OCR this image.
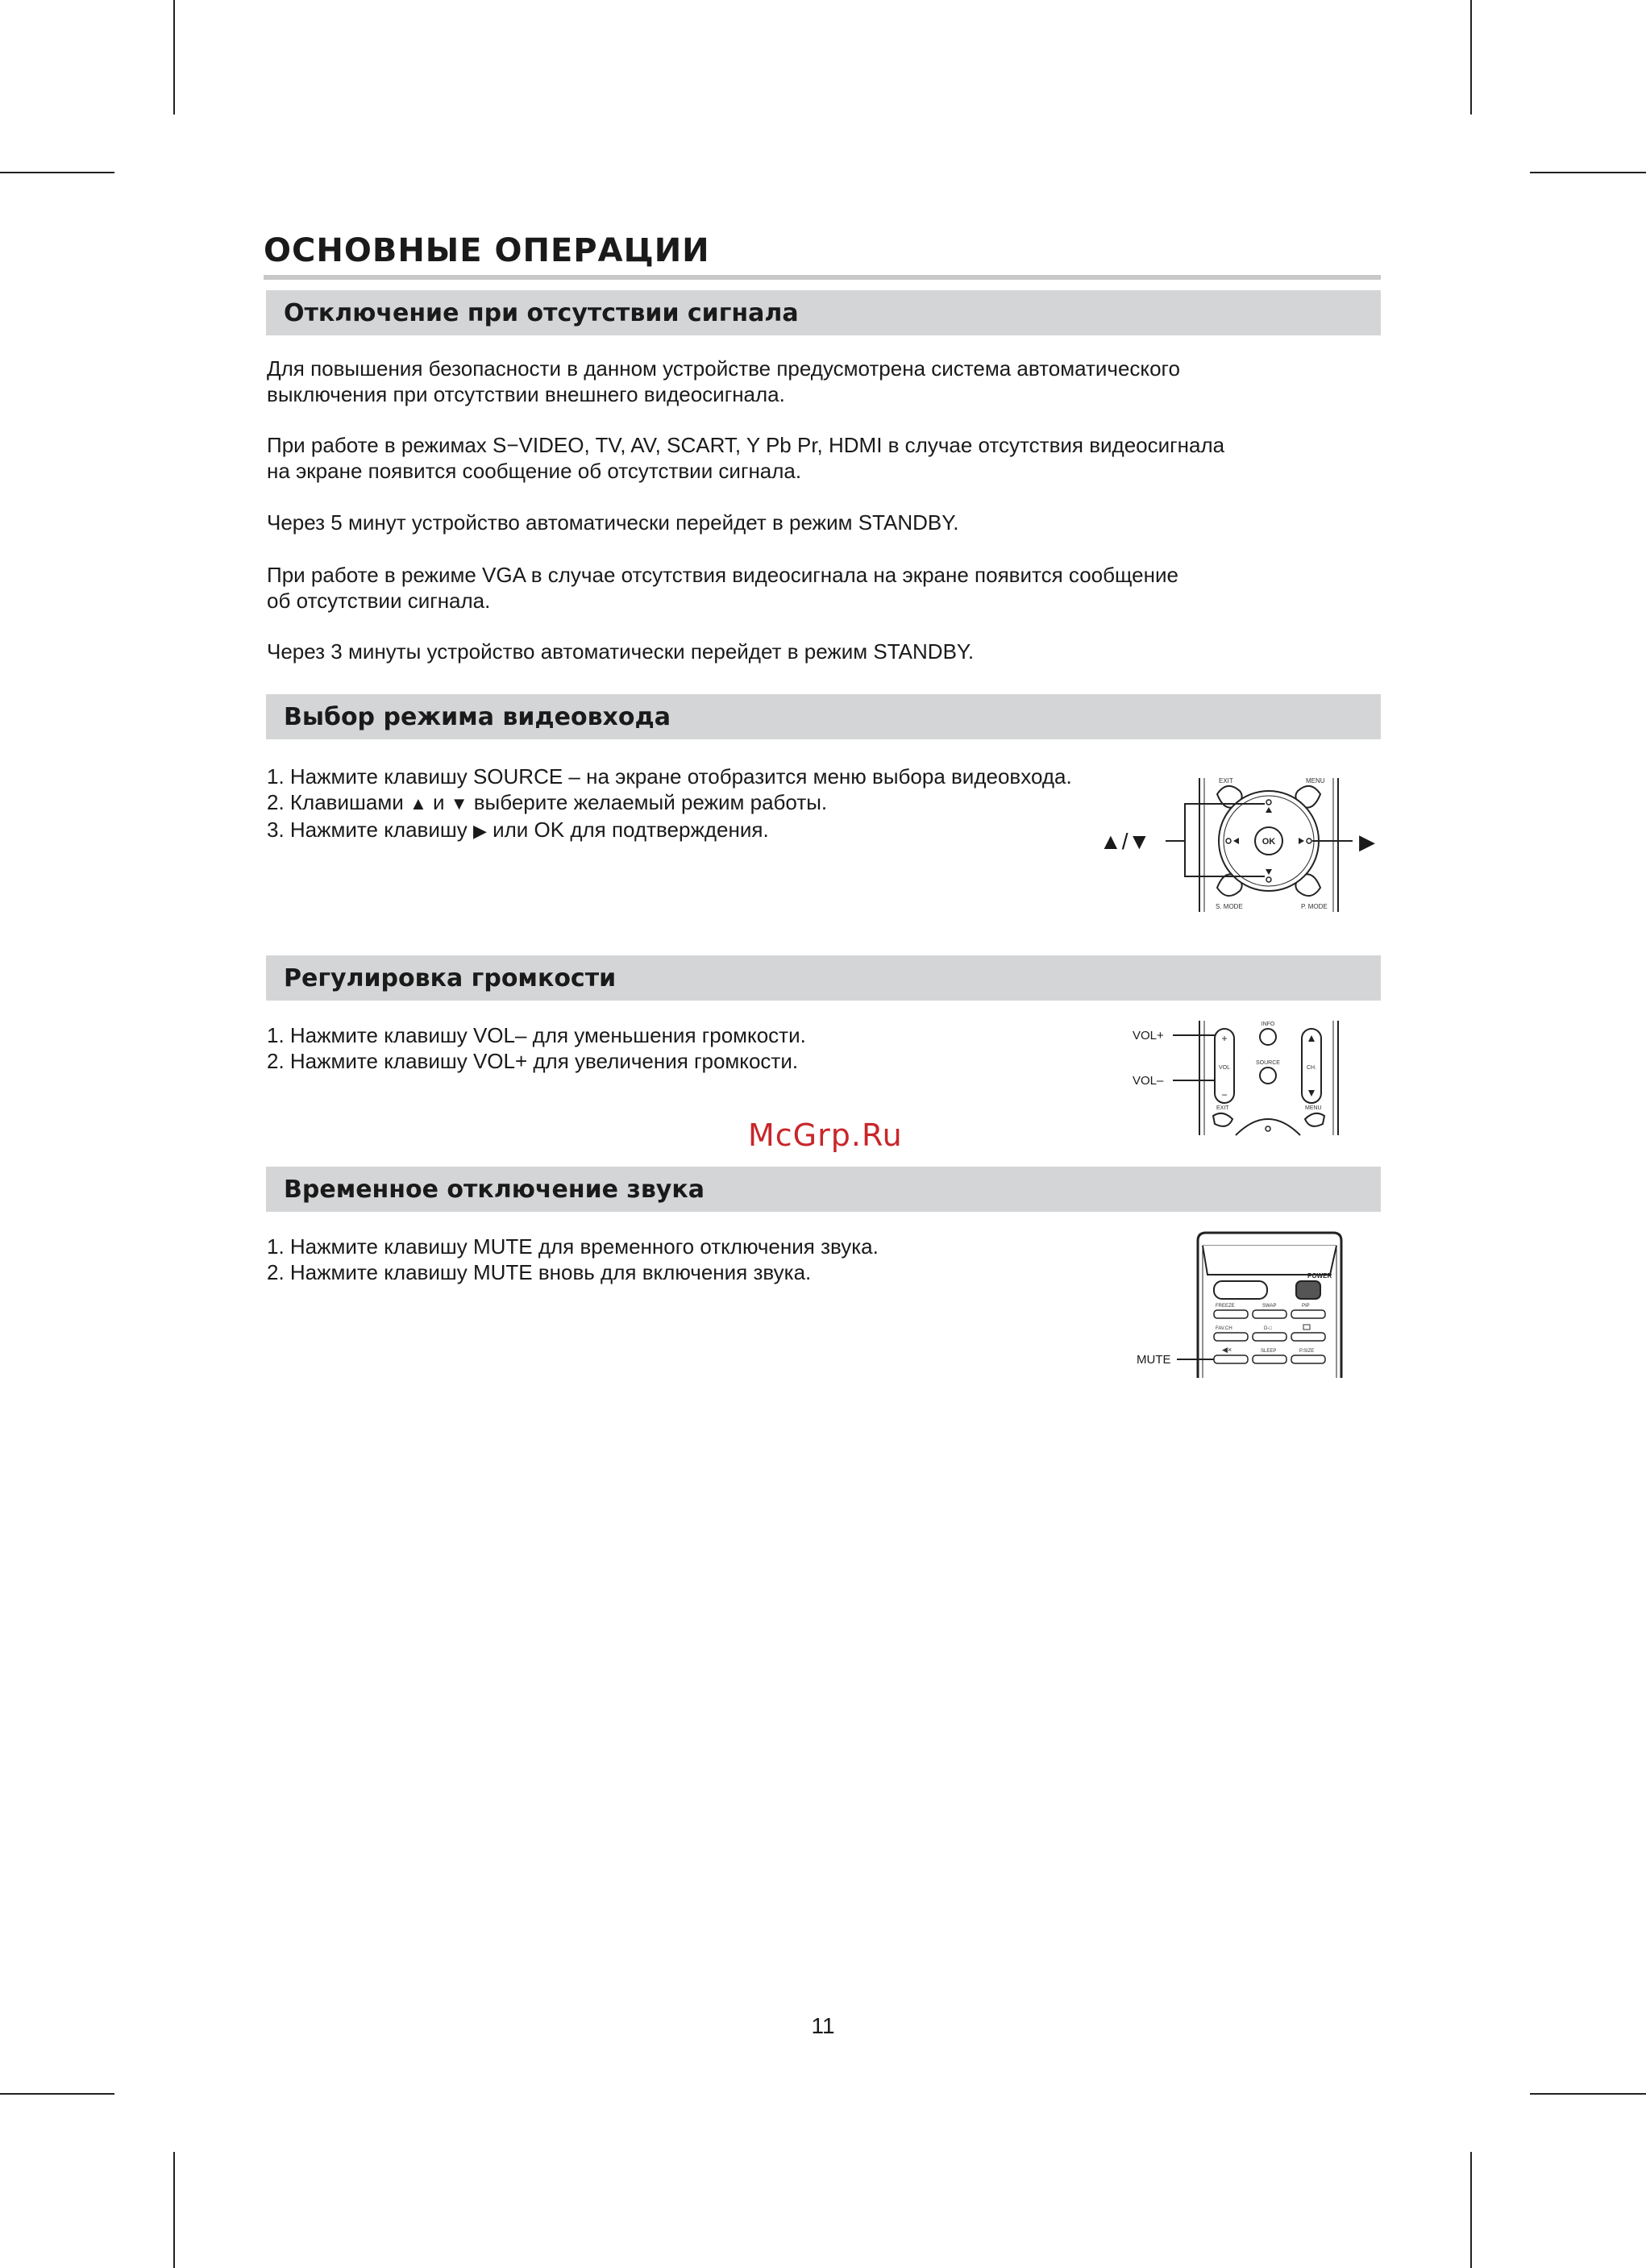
ОСНОВНЫЕ ОПЕРАЦИИ
Отключение при отсутствии сигнала

Для повышения безопасности в данном устройстве предусмотрена система автоматического
выключения при отсутствии внешнего видеосигнала.

При работе в режимах S−VIDEO, TV, AV, SCART, Y Pb Pr, HDMI в случае отсутствия видеосигнала
на экране появится сообщение об отсутствии сигнала.

Через 5 минут устройство автоматически перейдет в режим STANDBY.

При работе в режиме VGA в случае отсутствия видеосигнала на экране появится сообщение
об отсутствии сигнала.

Через 3 минуты устройство автоматически перейдет в режим STANDBY.

Выбор режима видеовхода

1. Нажмите клавишу SOURCE – на экране отобразится меню выбора видеовхода.
2. Клавишами ▲ и ▼ выберите желаемый режим работы.
3. Нажмите клавишу ▶ или OK для подтверждения.

EXIT	MENU
S. MODE	P. MODE
OK
▲/▼	▶
Регулировка громкости

1. Нажмите клавишу VOL– для уменьшения громкости.
2. Нажмите клавишу VOL+ для увеличения громкости.

+
−
VOL	CH.
INFO
SOURCE
EXIT	MENU
VOL+
VOL–
McGrp.Ru
Временное отключение звука

1. Нажмите клавишу MUTE для временного отключения звука.
2. Нажмите клавишу MUTE вновь для включения звука.	POWER
FREEZE	SWAP	PIP
FAV.CH	D-□
◀×	SLEEP	P.SIZE
MUTE
11
